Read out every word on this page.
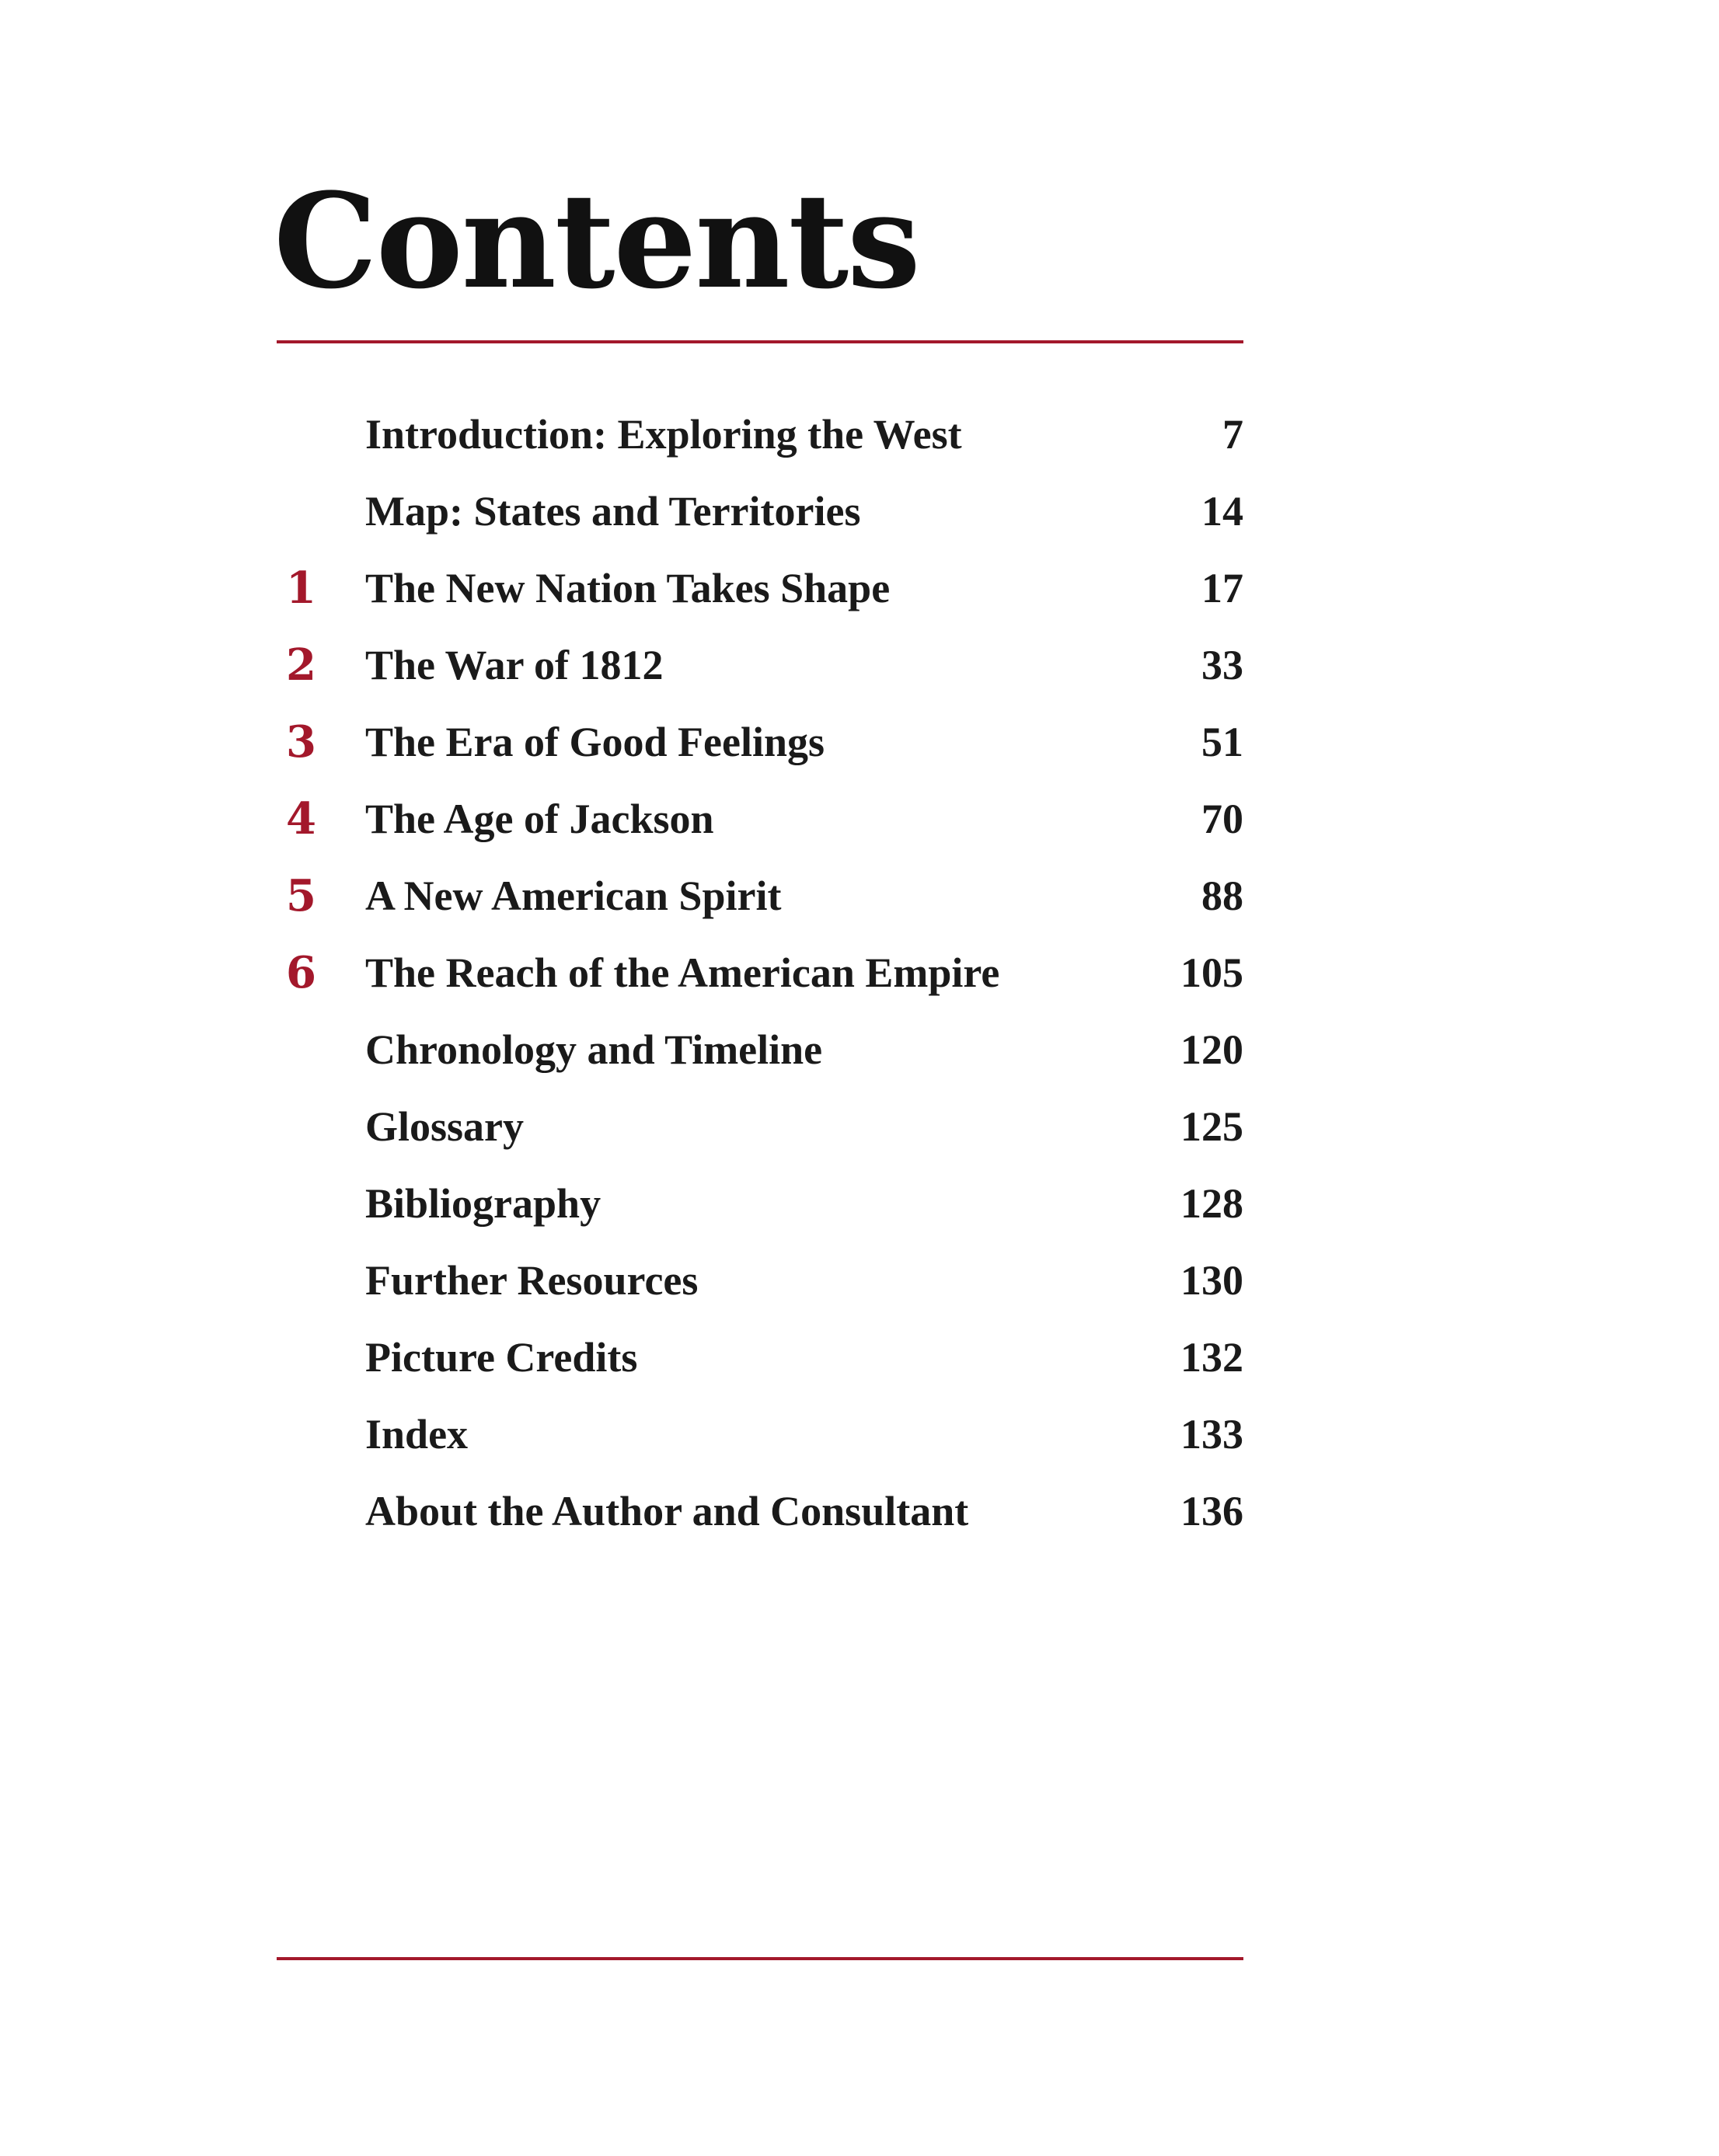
Contents
Introduction: Exploring the West	7
Map: States and Territories	14
1 The New Nation Takes Shape	17
2 The War of 1812	33
3 The Era of Good Feelings	51
4 The Age of Jackson	70
5 A New American Spirit	88
6 The Reach of the American Empire	105
Chronology and Timeline	120
Glossary	125
Bibliography	128
Further Resources	130
Picture Credits	132
Index	133
About the Author and Consultant	136
